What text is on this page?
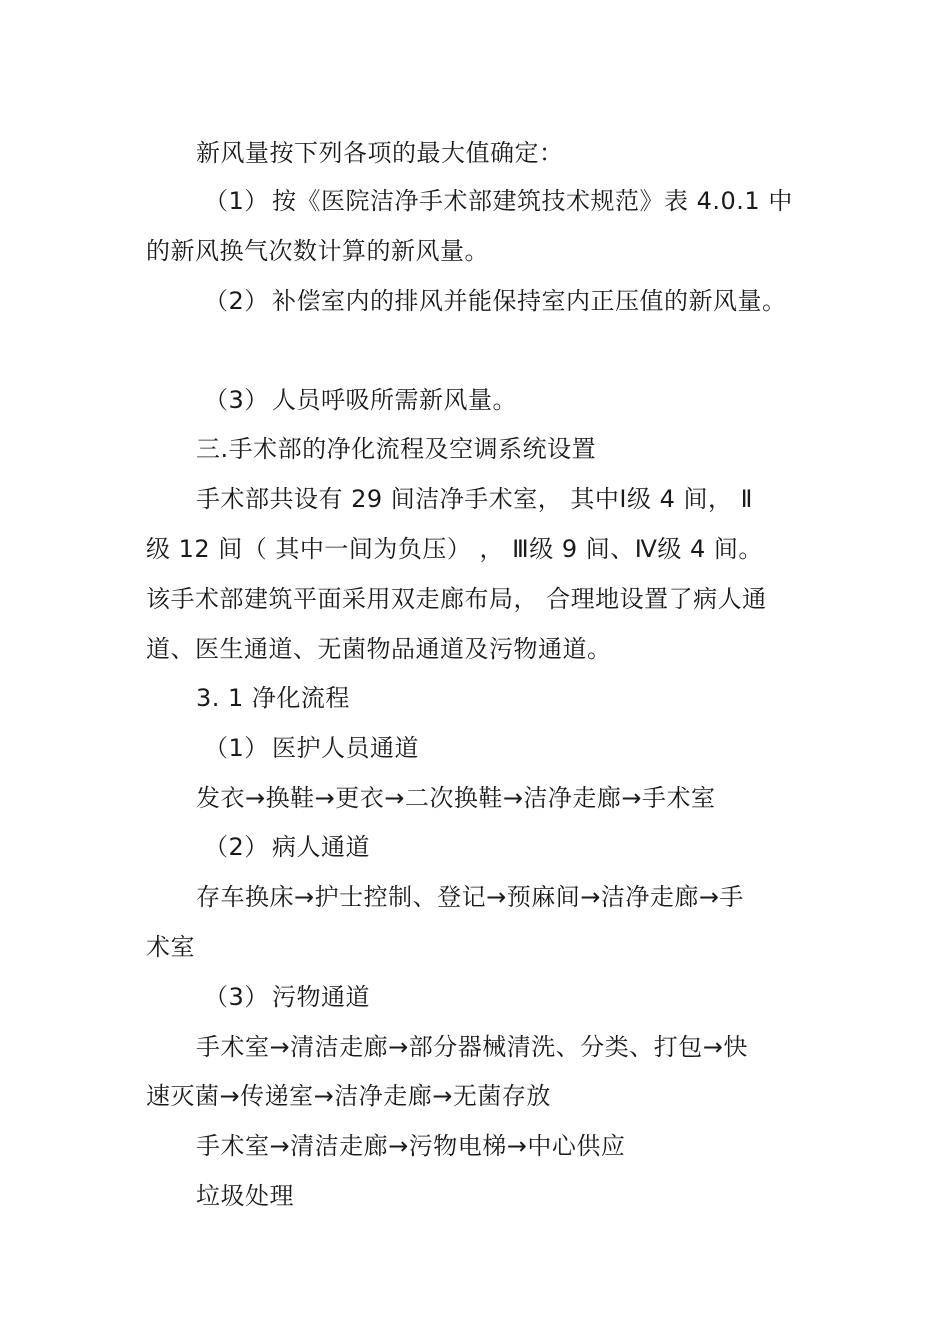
新风量按下列各项的最大值确定：
（1） 按《医院洁净手术部建筑技术规范》表 4.0.1 中
的新风换气次数计算的新风量。
（2） 补偿室内的排风并能保持室内正压值的新风量。
（3） 人员呼吸所需新风量。
三.手术部的净化流程及空调系统设置
手术部共设有 29 间洁净手术室， 其中Ⅰ级 4 间， Ⅱ
级 12 间（ 其中一间为负压） ， Ⅲ级 9 间、Ⅳ级 4 间。
该手术部建筑平面采用双走廊布局， 合理地设置了病人通
道、医生通道、无菌物品通道及污物通道。
3. 1 净化流程
（1） 医护人员通道
发衣→换鞋→更衣→二次换鞋→洁净走廊→手术室
（2） 病人通道
存车换床→护士控制、登记→预麻间→洁净走廊→手
术室
（3） 污物通道
手术室→清洁走廊→部分器械清洗、分类、打包→快
速灭菌→传递室→洁净走廊→无菌存放
手术室→清洁走廊→污物电梯→中心供应
垃圾处理
